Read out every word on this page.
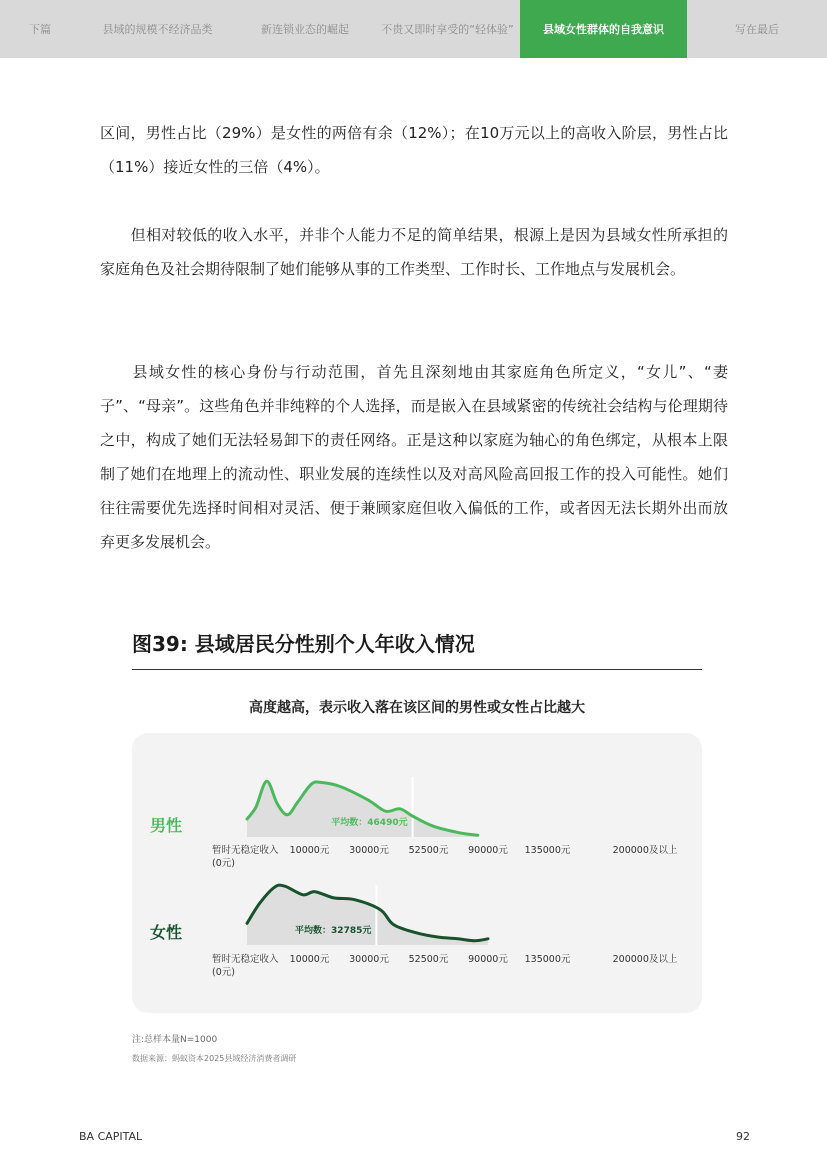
下篇	县域的规模不经济品类	新连锁业态的崛起	不贵又即时享受的“轻体验”	县域女性群体的自我意识	写在最后

区间，男性占比（29%）是女性的两倍有余（12%）；在10万元以上的高收入阶层，男性占比（11%）接近女性的三倍（4%）。

　　但相对较低的收入水平，并非个人能力不足的简单结果，根源上是因为县域女性所承担的家庭角色及社会期待限制了她们能够从事的工作类型、工作时长、工作地点与发展机会。

　　县域女性的核心身份与行动范围，首先且深刻地由其家庭角色所定义，“女儿”、“妻子”、“母亲”。这些角色并非纯粹的个人选择，而是嵌入在县域紧密的传统社会结构与伦理期待之中，构成了她们无法轻易卸下的责任网络。正是这种以家庭为轴心的角色绑定，从根本上限制了她们在地理上的流动性、职业发展的连续性以及对高风险高回报工作的投入可能性。她们往往需要优先选择时间相对灵活、便于兼顾家庭但收入偏低的工作，或者因无法长期外出而放弃更多发展机会。

图39: 县域居民分性别个人年收入情况
高度越高，表示收入落在该区间的男性或女性占比越大
平均数：46490元
男性
暂时无稳定收入
(0元)
10000元 30000元 52500元 90000元 135000元	200000及以上
平均数：32785元
女性
暂时无稳定收入
(0元)
10000元 30000元 52500元 90000元 135000元	200000及以上
注:总样本量N=1000
数据来源：蚂蚁资本2025县域经济消费者调研
BA CAPITAL	92
